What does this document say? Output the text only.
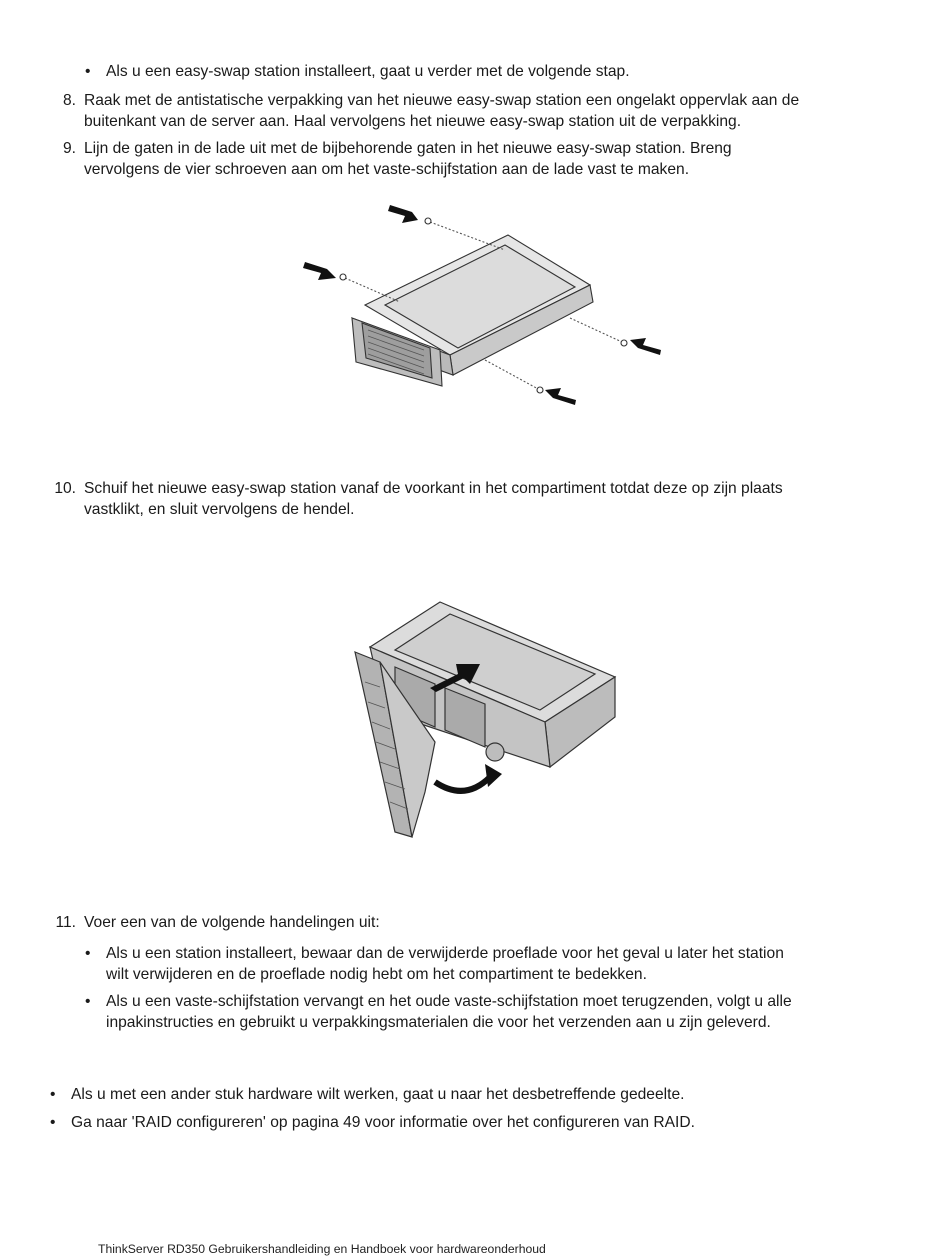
• Als u een easy-swap station installeert, gaat u verder met de volgende stap.
8. Raak met de antistatische verpakking van het nieuwe easy-swap station een ongelakt oppervlak aan de
buitenkant van de server aan. Haal vervolgens het nieuwe easy-swap station uit de verpakking.
9. Lijn de gaten in de lade uit met de bijbehorende gaten in het nieuwe easy-swap station. Breng
vervolgens de vier schroeven aan om het vaste-schijfstation aan de lade vast te maken.
10. Schuif het nieuwe easy-swap station vanaf de voorkant in het compartiment totdat deze op zijn plaats
vastklikt, en sluit vervolgens de hendel.
11. Voer een van de volgende handelingen uit:
• Als u een station installeert, bewaar dan de verwijderde proeflade voor het geval u later het station
wilt verwijderen en de proeflade nodig hebt om het compartiment te bedekken.
• Als u een vaste-schijfstation vervangt en het oude vaste-schijfstation moet terugzenden, volgt u alle
inpakinstructies en gebruikt u verpakkingsmaterialen die voor het verzenden aan u zijn geleverd.
• Als u met een ander stuk hardware wilt werken, gaat u naar het desbetreffende gedeelte.
• Ga naar 'RAID configureren' op pagina 49 voor informatie over het configureren van RAID.
ThinkServer RD350 Gebruikershandleiding en Handboek voor hardwareonderhoud
